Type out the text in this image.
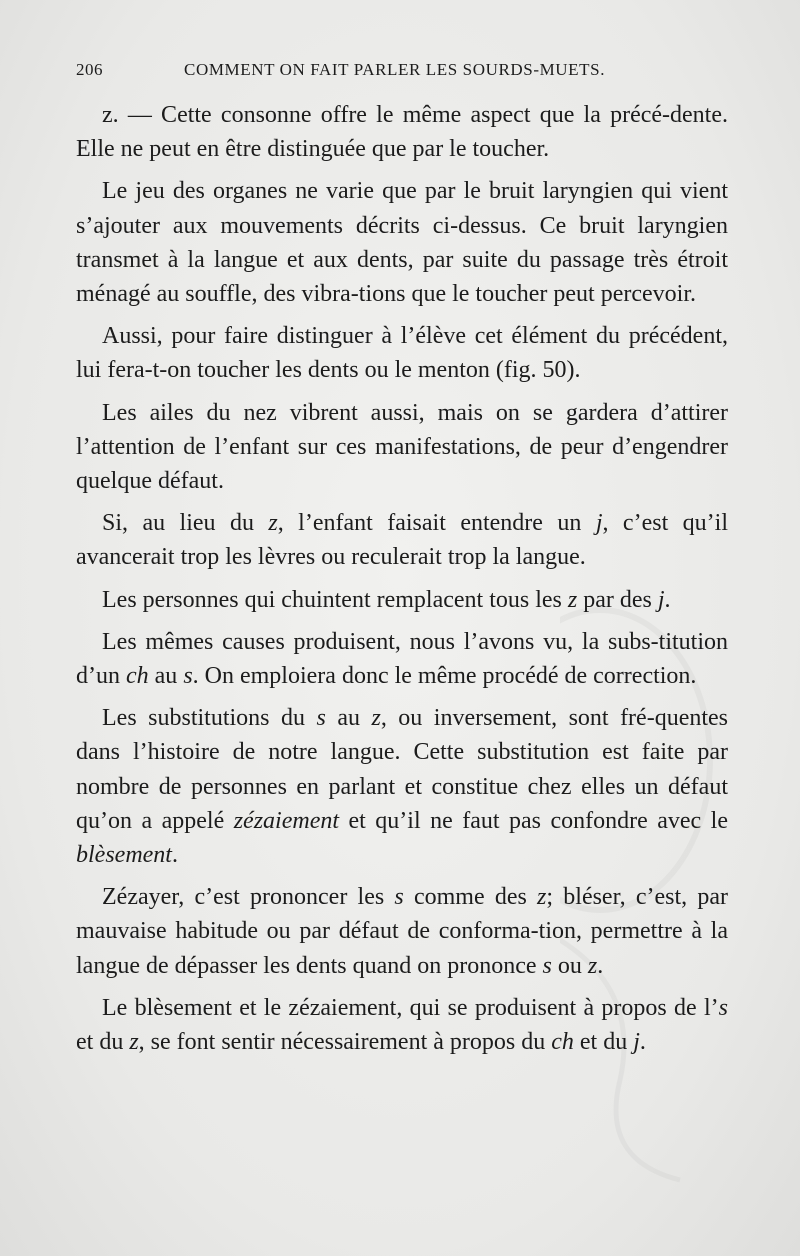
206	COMMENT ON FAIT PARLER LES SOURDS-MUETS.

z. — Cette consonne offre le même aspect que la précé-dente. Elle ne peut en être distinguée que par le toucher.

Le jeu des organes ne varie que par le bruit laryngien qui vient s’ajouter aux mouvements décrits ci-dessus. Ce bruit laryngien transmet à la langue et aux dents, par suite du passage très étroit ménagé au souffle, des vibra-tions que le toucher peut percevoir.

Aussi, pour faire distinguer à l’élève cet élément du précédent, lui fera-t-on toucher les dents ou le menton (fig. 50).

Les ailes du nez vibrent aussi, mais on se gardera d’attirer l’attention de l’enfant sur ces manifestations, de peur d’engendrer quelque défaut.

Si, au lieu du z, l’enfant faisait entendre un j, c’est qu’il avancerait trop les lèvres ou reculerait trop la langue.

Les personnes qui chuintent remplacent tous les z par des j.

Les mêmes causes produisent, nous l’avons vu, la subs-titution d’un ch au s. On emploiera donc le même procédé de correction.

Les substitutions du s au z, ou inversement, sont fré-quentes dans l’histoire de notre langue. Cette substitution est faite par nombre de personnes en parlant et constitue chez elles un défaut qu’on a appelé zézaiement et qu’il ne faut pas confondre avec le blèsement.

Zézayer, c’est prononcer les s comme des z; bléser, c’est, par mauvaise habitude ou par défaut de conforma-tion, permettre à la langue de dépasser les dents quand on prononce s ou z.

Le blèsement et le zézaiement, qui se produisent à propos de l’s et du z, se font sentir nécessairement à propos du ch et du j.
